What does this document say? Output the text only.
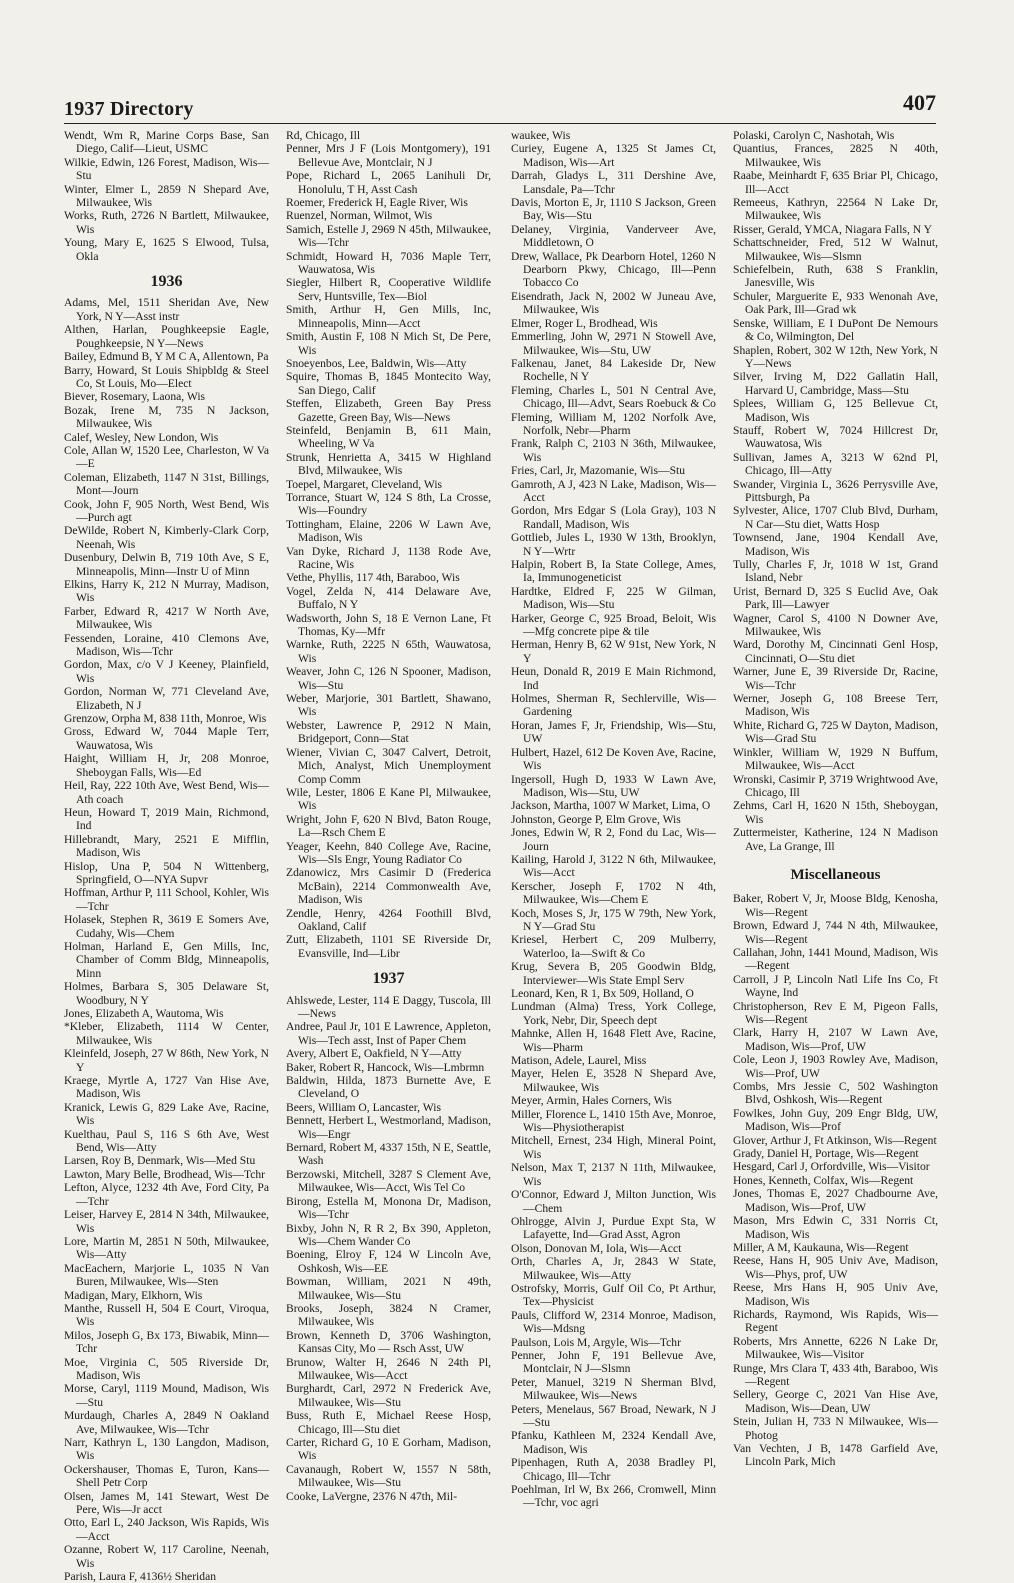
1937 Directory	407

Wendt, Wm R, Marine Corps Base, San Diego, Calif—Lieut, USMC

Wilkie, Edwin, 126 Forest, Madison, Wis—Stu

Winter, Elmer L, 2859 N Shepard Ave, Milwaukee, Wis

Works, Ruth, 2726 N Bartlett, Milwaukee, Wis

Young, Mary E, 1625 S Elwood, Tulsa, Okla

1936

Adams, Mel, 1511 Sheridan Ave, New York, N Y—Asst instr

Althen, Harlan, Poughkeepsie Eagle, Poughkeepsie, N Y—News

Bailey, Edmund B, Y M C A, Allentown, Pa

Barry, Howard, St Louis Shipbldg & Steel Co, St Louis, Mo—Elect

Biever, Rosemary, Laona, Wis

Bozak, Irene M, 735 N Jackson, Milwaukee, Wis

Calef, Wesley, New London, Wis

Cole, Allan W, 1520 Lee, Charleston, W Va—E

Coleman, Elizabeth, 1147 N 31st, Billings, Mont—Journ

Cook, John F, 905 North, West Bend, Wis—Purch agt

DeWilde, Robert N, Kimberly-Clark Corp, Neenah, Wis

Dusenbury, Delwin B, 719 10th Ave, S E, Minneapolis, Minn—Instr U of Minn

Elkins, Harry K, 212 N Murray, Madison, Wis

Farber, Edward R, 4217 W North Ave, Milwaukee, Wis

Fessenden, Loraine, 410 Clemons Ave, Madison, Wis—Tchr

Gordon, Max, c/o V J Keeney, Plainfield, Wis

Gordon, Norman W, 771 Cleveland Ave, Elizabeth, N J

Grenzow, Orpha M, 838 11th, Monroe, Wis

Gross, Edward W, 7044 Maple Terr, Wauwatosa, Wis

Haight, William H, Jr, 208 Monroe, Sheboygan Falls, Wis—Ed

Heil, Ray, 222 10th Ave, West Bend, Wis—Ath coach

Heun, Howard T, 2019 Main, Richmond, Ind

Hillebrandt, Mary, 2521 E Mifflin, Madison, Wis

Hislop, Una P, 504 N Wittenberg, Springfield, O—NYA Supvr

Hoffman, Arthur P, 111 School, Kohler, Wis—Tchr

Holasek, Stephen R, 3619 E Somers Ave, Cudahy, Wis—Chem

Holman, Harland E, Gen Mills, Inc, Chamber of Comm Bldg, Minneapolis, Minn

Holmes, Barbara S, 305 Delaware St, Woodbury, N Y

Jones, Elizabeth A, Wautoma, Wis

*Kleber, Elizabeth, 1114 W Center, Milwaukee, Wis

Kleinfeld, Joseph, 27 W 86th, New York, N Y

Kraege, Myrtle A, 1727 Van Hise Ave, Madison, Wis

Kranick, Lewis G, 829 Lake Ave, Racine, Wis

Kuelthau, Paul S, 116 S 6th Ave, West Bend, Wis—Atty

Larsen, Roy B, Denmark, Wis—Med Stu

Lawton, Mary Belle, Brodhead, Wis—Tchr

Lefton, Alyce, 1232 4th Ave, Ford City, Pa—Tchr

Leiser, Harvey E, 2814 N 34th, Milwaukee, Wis

Lore, Martin M, 2851 N 50th, Milwaukee, Wis—Atty

MacEachern, Marjorie L, 1035 N Van Buren, Milwaukee, Wis—Sten

Madigan, Mary, Elkhorn, Wis

Manthe, Russell H, 504 E Court, Viroqua, Wis

Milos, Joseph G, Bx 173, Biwabik, Minn—Tchr

Moe, Virginia C, 505 Riverside Dr, Madison, Wis

Morse, Caryl, 1119 Mound, Madison, Wis—Stu

Murdaugh, Charles A, 2849 N Oakland Ave, Milwaukee, Wis—Tchr

Narr, Kathryn L, 130 Langdon, Madison, Wis

Ockershauser, Thomas E, Turon, Kans—Shell Petr Corp

Olsen, James M, 141 Stewart, West De Pere, Wis—Jr acct

Otto, Earl L, 240 Jackson, Wis Rapids, Wis—Acct

Ozanne, Robert W, 117 Caroline, Neenah, Wis

Parish, Laura F, 4136½ Sheridan

Rd, Chicago, Ill

Penner, Mrs J F (Lois Montgomery), 191 Bellevue Ave, Montclair, N J

Pope, Richard L, 2065 Lanihuli Dr, Honolulu, T H, Asst Cash

Roemer, Frederick H, Eagle River, Wis

Ruenzel, Norman, Wilmot, Wis

Samich, Estelle J, 2969 N 45th, Milwaukee, Wis—Tchr

Schmidt, Howard H, 7036 Maple Terr, Wauwatosa, Wis

Siegler, Hilbert R, Cooperative Wildlife Serv, Huntsville, Tex—Biol

Smith, Arthur H, Gen Mills, Inc, Minneapolis, Minn—Acct

Smith, Austin F, 108 N Mich St, De Pere, Wis

Snoeyenbos, Lee, Baldwin, Wis—Atty

Squire, Thomas B, 1845 Montecito Way, San Diego, Calif

Steffen, Elizabeth, Green Bay Press Gazette, Green Bay, Wis—News

Steinfeld, Benjamin B, 611 Main, Wheeling, W Va

Strunk, Henrietta A, 3415 W Highland Blvd, Milwaukee, Wis

Toepel, Margaret, Cleveland, Wis

Torrance, Stuart W, 124 S 8th, La Crosse, Wis—Foundry

Tottingham, Elaine, 2206 W Lawn Ave, Madison, Wis

Van Dyke, Richard J, 1138 Rode Ave, Racine, Wis

Vethe, Phyllis, 117 4th, Baraboo, Wis

Vogel, Zelda N, 414 Delaware Ave, Buffalo, N Y

Wadsworth, John S, 18 E Vernon Lane, Ft Thomas, Ky—Mfr

Warnke, Ruth, 2225 N 65th, Wauwatosa, Wis

Weaver, John C, 126 N Spooner, Madison, Wis—Stu

Weber, Marjorie, 301 Bartlett, Shawano, Wis

Webster, Lawrence P, 2912 N Main, Bridgeport, Conn—Stat

Wiener, Vivian C, 3047 Calvert, Detroit, Mich, Analyst, Mich Unemployment Comp Comm

Wile, Lester, 1806 E Kane Pl, Milwaukee, Wis

Wright, John F, 620 N Blvd, Baton Rouge, La—Rsch Chem E

Yeager, Keehn, 840 College Ave, Racine, Wis—Sls Engr, Young Radiator Co

Zdanowicz, Mrs Casimir D (Frederica McBain), 2214 Commonwealth Ave, Madison, Wis

Zendle, Henry, 4264 Foothill Blvd, Oakland, Calif

Zutt, Elizabeth, 1101 SE Riverside Dr, Evansville, Ind—Libr

1937

Ahlswede, Lester, 114 E Daggy, Tuscola, Ill—News

Andree, Paul Jr, 101 E Lawrence, Appleton, Wis—Tech asst, Inst of Paper Chem

Avery, Albert E, Oakfield, N Y—Atty

Baker, Robert R, Hancock, Wis—Lmbrmn

Baldwin, Hilda, 1873 Burnette Ave, E Cleveland, O

Beers, William O, Lancaster, Wis

Bennett, Herbert L, Westmorland, Madison, Wis—Engr

Bernard, Robert M, 4337 15th, N E, Seattle, Wash

Berzowski, Mitchell, 3287 S Clement Ave, Milwaukee, Wis—Acct, Wis Tel Co

Birong, Estella M, Monona Dr, Madison, Wis—Tchr

Bixby, John N, R R 2, Bx 390, Appleton, Wis—Chem Wander Co

Boening, Elroy F, 124 W Lincoln Ave, Oshkosh, Wis—EE

Bowman, William, 2021 N 49th, Milwaukee, Wis—Stu

Brooks, Joseph, 3824 N Cramer, Milwaukee, Wis

Brown, Kenneth D, 3706 Washington, Kansas City, Mo — Rsch Asst, UW

Brunow, Walter H, 2646 N 24th Pl, Milwaukee, Wis—Acct

Burghardt, Carl, 2972 N Frederick Ave, Milwaukee, Wis—Stu

Buss, Ruth E, Michael Reese Hosp, Chicago, Ill—Stu diet

Carter, Richard G, 10 E Gorham, Madison, Wis

Cavanaugh, Robert W, 1557 N 58th, Milwaukee, Wis—Stu

Cooke, LaVergne, 2376 N 47th, Mil-

waukee, Wis

Curiey, Eugene A, 1325 St James Ct, Madison, Wis—Art

Darrah, Gladys L, 311 Dershine Ave, Lansdale, Pa—Tchr

Davis, Morton E, Jr, 1110 S Jackson, Green Bay, Wis—Stu

Delaney, Virginia, Vanderveer Ave, Middletown, O

Drew, Wallace, Pk Dearborn Hotel, 1260 N Dearborn Pkwy, Chicago, Ill—Penn Tobacco Co

Eisendrath, Jack N, 2002 W Juneau Ave, Milwaukee, Wis

Elmer, Roger L, Brodhead, Wis

Emmerling, John W, 2971 N Stowell Ave, Milwaukee, Wis—Stu, UW

Falkenau, Janet, 84 Lakeside Dr, New Rochelle, N Y

Fleming, Charles L, 501 N Central Ave, Chicago, Ill—Advt, Sears Roebuck & Co

Fleming, William M, 1202 Norfolk Ave, Norfolk, Nebr—Pharm

Frank, Ralph C, 2103 N 36th, Milwaukee, Wis

Fries, Carl, Jr, Mazomanie, Wis—Stu

Gamroth, A J, 423 N Lake, Madison, Wis—Acct

Gordon, Mrs Edgar S (Lola Gray), 103 N Randall, Madison, Wis

Gottlieb, Jules L, 1930 W 13th, Brooklyn, N Y—Wrtr

Halpin, Robert B, Ia State College, Ames, Ia, Immunogeneticist

Hardtke, Eldred F, 225 W Gilman, Madison, Wis—Stu

Harker, George C, 925 Broad, Beloit, Wis—Mfg concrete pipe & tile

Herman, Henry B, 62 W 91st, New York, N Y

Heun, Donald R, 2019 E Main Richmond, Ind

Holmes, Sherman R, Sechlerville, Wis—Gardening

Horan, James F, Jr, Friendship, Wis—Stu, UW

Hulbert, Hazel, 612 De Koven Ave, Racine, Wis

Ingersoll, Hugh D, 1933 W Lawn Ave, Madison, Wis—Stu, UW

Jackson, Martha, 1007 W Market, Lima, O

Johnston, George P, Elm Grove, Wis

Jones, Edwin W, R 2, Fond du Lac, Wis—Journ

Kailing, Harold J, 3122 N 6th, Milwaukee, Wis—Acct

Kerscher, Joseph F, 1702 N 4th, Milwaukee, Wis—Chem E

Koch, Moses S, Jr, 175 W 79th, New York, N Y—Grad Stu

Kriesel, Herbert C, 209 Mulberry, Waterloo, Ia—Swift & Co

Krug, Severa B, 205 Goodwin Bldg, Interviewer—Wis State Empl Serv

Leonard, Ken, R 1, Bx 509, Holland, O

Lundman (Alma) Tress, York College, York, Nebr, Dir, Speech dept

Mahnke, Allen H, 1648 Flett Ave, Racine, Wis—Pharm

Matison, Adele, Laurel, Miss

Mayer, Helen E, 3528 N Shepard Ave, Milwaukee, Wis

Meyer, Armin, Hales Corners, Wis

Miller, Florence L, 1410 15th Ave, Monroe, Wis—Physiotherapist

Mitchell, Ernest, 234 High, Mineral Point, Wis

Nelson, Max T, 2137 N 11th, Milwaukee, Wis

O'Connor, Edward J, Milton Junction, Wis—Chem

Ohlrogge, Alvin J, Purdue Expt Sta, W Lafayette, Ind—Grad Asst, Agron

Olson, Donovan M, Iola, Wis—Acct

Orth, Charles A, Jr, 2843 W State, Milwaukee, Wis—Atty

Ostrofsky, Morris, Gulf Oil Co, Pt Arthur, Tex—Physicist

Pauls, Clifford W, 2314 Monroe, Madison, Wis—Mdsng

Paulson, Lois M, Argyle, Wis—Tchr

Penner, John F, 191 Bellevue Ave, Montclair, N J—Slsmn

Peter, Manuel, 3219 N Sherman Blvd, Milwaukee, Wis—News

Peters, Menelaus, 567 Broad, Newark, N J—Stu

Pfanku, Kathleen M, 2324 Kendall Ave, Madison, Wis

Pipenhagen, Ruth A, 2038 Bradley Pl, Chicago, Ill—Tchr

Poehlman, Irl W, Bx 266, Cromwell, Minn—Tchr, voc agri

Polaski, Carolyn C, Nashotah, Wis

Quantius, Frances, 2825 N 40th, Milwaukee, Wis

Raabe, Meinhardt F, 635 Briar Pl, Chicago, Ill—Acct

Remeeus, Kathryn, 22564 N Lake Dr, Milwaukee, Wis

Risser, Gerald, YMCA, Niagara Falls, N Y

Schattschneider, Fred, 512 W Walnut, Milwaukee, Wis—Slsmn

Schiefelbein, Ruth, 638 S Franklin, Janesville, Wis

Schuler, Marguerite E, 933 Wenonah Ave, Oak Park, Ill—Grad wk

Senske, William, E I DuPont De Nemours & Co, Wilmington, Del

Shaplen, Robert, 302 W 12th, New York, N Y—News

Silver, Irving M, D22 Gallatin Hall, Harvard U, Cambridge, Mass—Stu

Splees, William G, 125 Bellevue Ct, Madison, Wis

Stauff, Robert W, 7024 Hillcrest Dr, Wauwatosa, Wis

Sullivan, James A, 3213 W 62nd Pl, Chicago, Ill—Atty

Swander, Virginia L, 3626 Perrysville Ave, Pittsburgh, Pa

Sylvester, Alice, 1707 Club Blvd, Durham, N Car—Stu diet, Watts Hosp

Townsend, Jane, 1904 Kendall Ave, Madison, Wis

Tully, Charles F, Jr, 1018 W 1st, Grand Island, Nebr

Urist, Bernard D, 325 S Euclid Ave, Oak Park, Ill—Lawyer

Wagner, Carol S, 4100 N Downer Ave, Milwaukee, Wis

Ward, Dorothy M, Cincinnati Genl Hosp, Cincinnati, O—Stu diet

Warner, June E, 39 Riverside Dr, Racine, Wis—Tchr

Werner, Joseph G, 108 Breese Terr, Madison, Wis

White, Richard G, 725 W Dayton, Madison, Wis—Grad Stu

Winkler, William W, 1929 N Buffum, Milwaukee, Wis—Acct

Wronski, Casimir P, 3719 Wrightwood Ave, Chicago, Ill

Zehms, Carl H, 1620 N 15th, Sheboygan, Wis

Zuttermeister, Katherine, 124 N Madison Ave, La Grange, Ill

Miscellaneous

Baker, Robert V, Jr, Moose Bldg, Kenosha, Wis—Regent

Brown, Edward J, 744 N 4th, Milwaukee, Wis—Regent

Callahan, John, 1441 Mound, Madison, Wis—Regent

Carroll, J P, Lincoln Natl Life Ins Co, Ft Wayne, Ind

Christopherson, Rev E M, Pigeon Falls, Wis—Regent

Clark, Harry H, 2107 W Lawn Ave, Madison, Wis—Prof, UW

Cole, Leon J, 1903 Rowley Ave, Madison, Wis—Prof, UW

Combs, Mrs Jessie C, 502 Washington Blvd, Oshkosh, Wis—Regent

Fowlkes, John Guy, 209 Engr Bldg, UW, Madison, Wis—Prof

Glover, Arthur J, Ft Atkinson, Wis—Regent

Grady, Daniel H, Portage, Wis—Regent

Hesgard, Carl J, Orfordville, Wis—Visitor

Hones, Kenneth, Colfax, Wis—Regent

Jones, Thomas E, 2027 Chadbourne Ave, Madison, Wis—Prof, UW

Mason, Mrs Edwin C, 331 Norris Ct, Madison, Wis

Miller, A M, Kaukauna, Wis—Regent

Reese, Hans H, 905 Univ Ave, Madison, Wis—Phys, prof, UW

Reese, Mrs Hans H, 905 Univ Ave, Madison, Wis

Richards, Raymond, Wis Rapids, Wis—Regent

Roberts, Mrs Annette, 6226 N Lake Dr, Milwaukee, Wis—Visitor

Runge, Mrs Clara T, 433 4th, Baraboo, Wis—Regent

Sellery, George C, 2021 Van Hise Ave, Madison, Wis—Dean, UW

Stein, Julian H, 733 N Milwaukee, Wis—Photog

Van Vechten, J B, 1478 Garfield Ave, Lincoln Park, Mich
